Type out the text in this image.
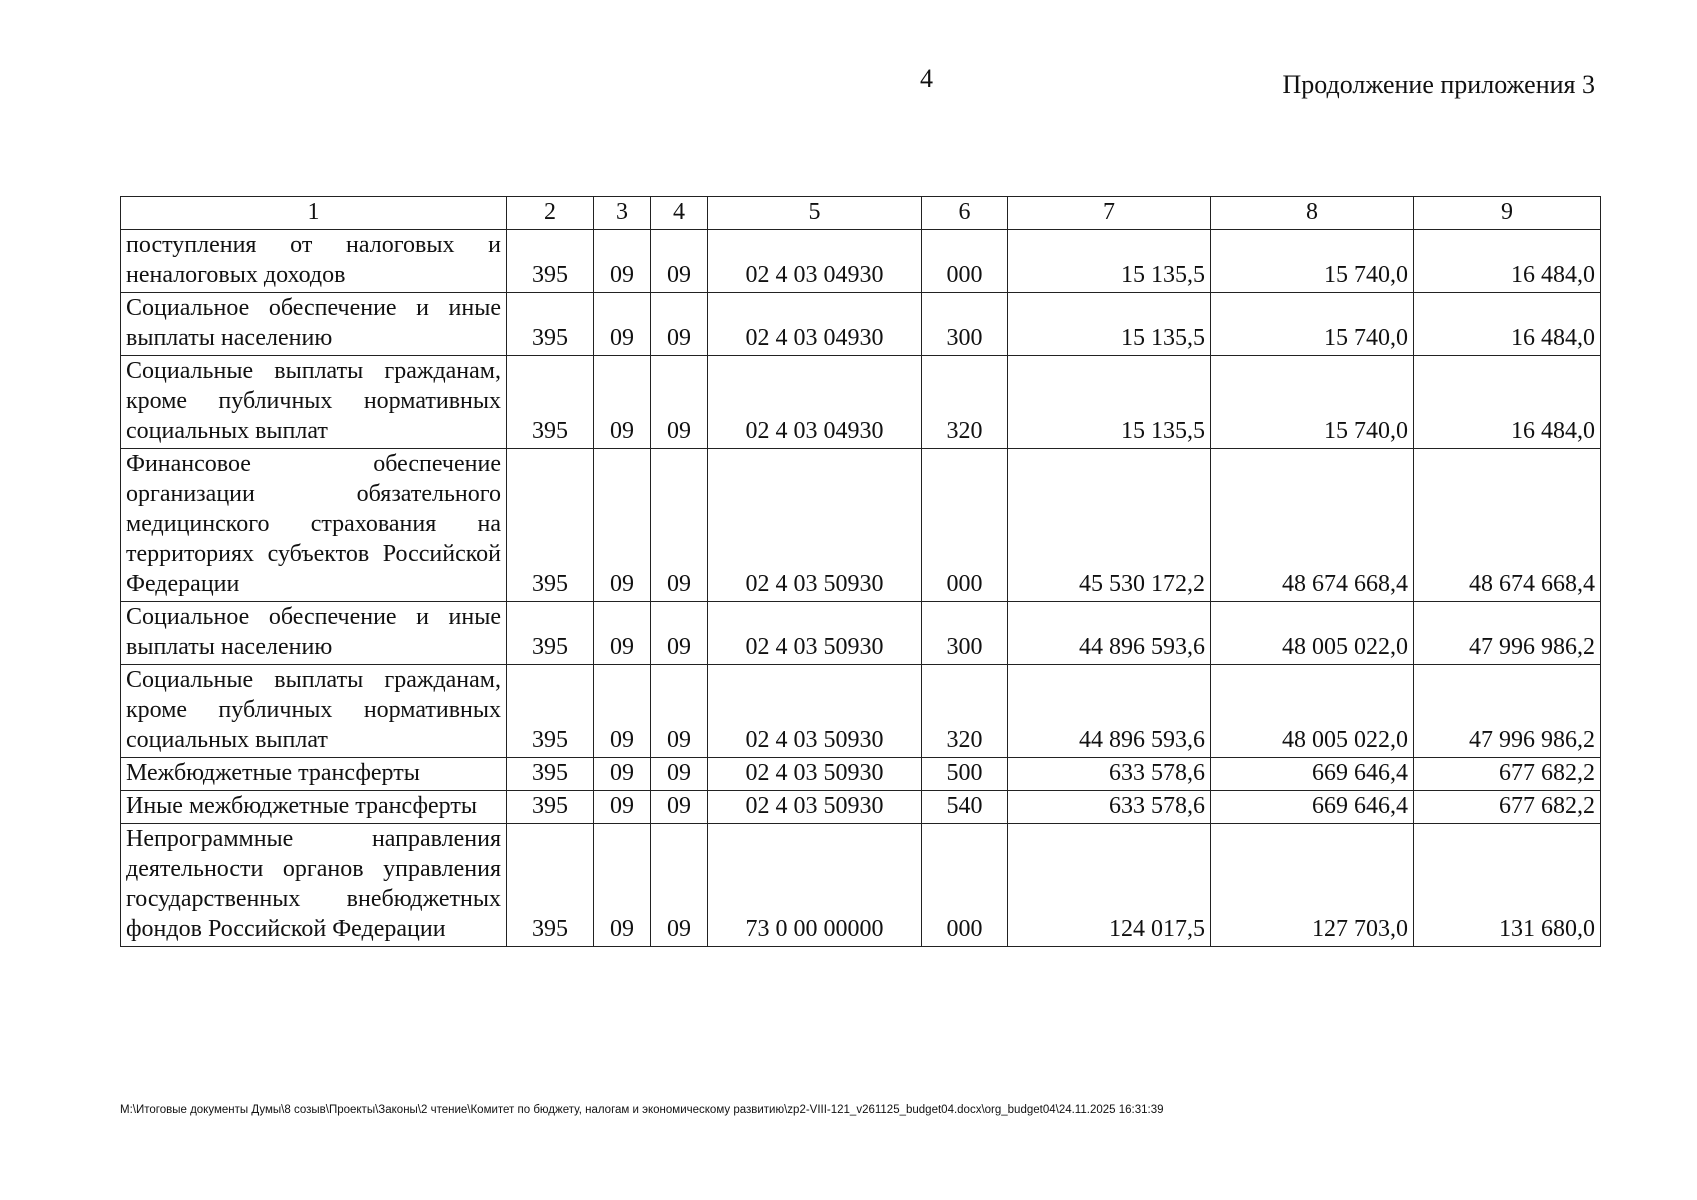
4	Продолжение приложения 3
1	2	3	4	5	6	7	8	9
поступления от налоговых и неналоговых доходов	395	09	09	02 4 03 04930	000	15 135,5	15 740,0	16 484,0
Социальное обеспечение и иные выплаты населению	395	09	09	02 4 03 04930	300	15 135,5	15 740,0	16 484,0
Социальные выплаты гражданам, кроме публичных нормативных социальных выплат	395	09	09	02 4 03 04930	320	15 135,5	15 740,0	16 484,0
Финансовое обеспечение организации обязательного медицинского страхования на территориях субъектов Российской Федерации	395	09	09	02 4 03 50930	000	45 530 172,2	48 674 668,4	48 674 668,4
Социальное обеспечение и иные выплаты населению	395	09	09	02 4 03 50930	300	44 896 593,6	48 005 022,0	47 996 986,2
Социальные выплаты гражданам, кроме публичных нормативных социальных выплат	395	09	09	02 4 03 50930	320	44 896 593,6	48 005 022,0	47 996 986,2
Межбюджетные трансферты	395	09	09	02 4 03 50930	500	633 578,6	669 646,4	677 682,2
Иные межбюджетные трансферты	395	09	09	02 4 03 50930	540	633 578,6	669 646,4	677 682,2
Непрограммные направления деятельности органов управления государственных внебюджетных фондов Российской Федерации	395	09	09	73 0 00 00000	000	124 017,5	127 703,0	131 680,0
M:\Итоговые документы Думы\8 созыв\Проекты\Законы\2 чтение\Комитет по бюджету, налогам и экономическому развитию\zp2-VIII-121_v261125_budget04.docx\org_budget04\24.11.2025 16:31:39
